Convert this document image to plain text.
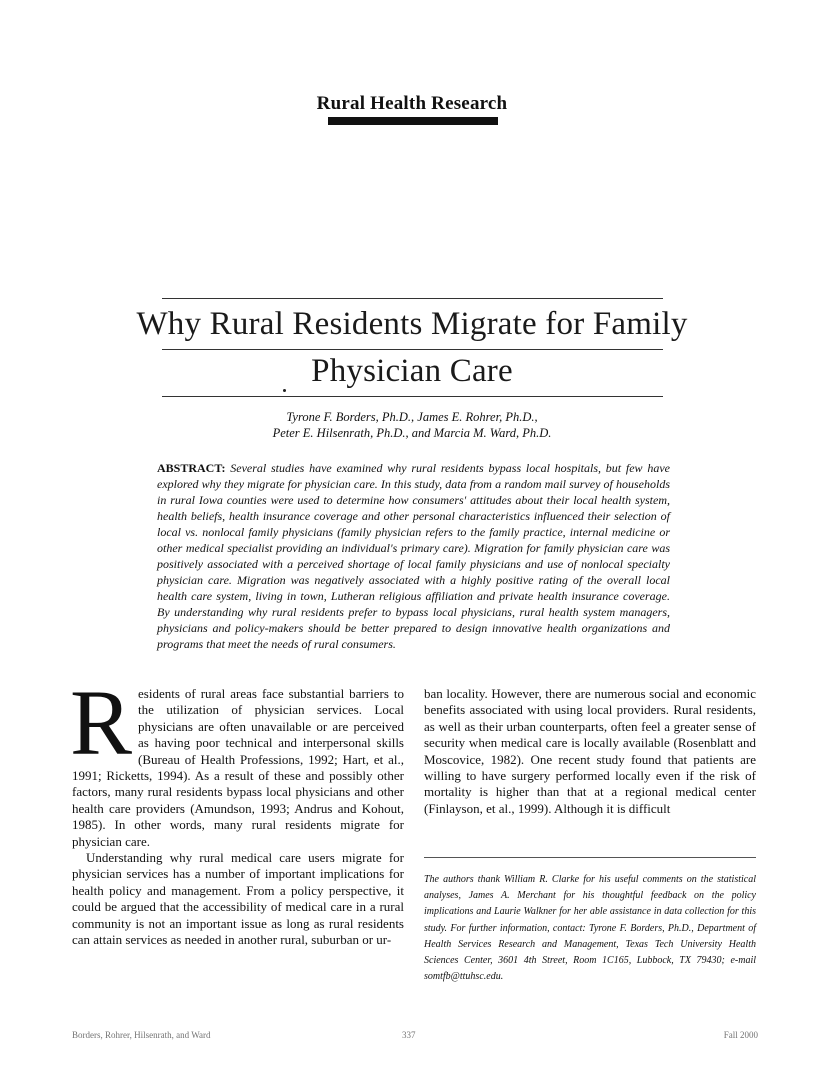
Rural Health Research
Why Rural Residents Migrate for Family
Physician Care
Tyrone F. Borders, Ph.D., James E. Rohrer, Ph.D.,
Peter E. Hilsenrath, Ph.D., and Marcia M. Ward, Ph.D.
ABSTRACT: Several studies have examined why rural residents bypass local hospitals, but few have explored why they migrate for physician care. In this study, data from a random mail survey of households in rural Iowa counties were used to determine how consumers' attitudes about their local health system, health beliefs, health insurance coverage and other personal characteristics influenced their selection of local vs. nonlocal family physicians (family physician refers to the family practice, internal medicine or other medical specialist providing an individual's primary care). Migration for family physician care was positively associated with a perceived shortage of local family physicians and use of nonlocal specialty physician care. Migration was negatively associated with a highly positive rating of the overall local health care system, living in town, Lutheran religious affiliation and private health insurance coverage. By understanding why rural residents prefer to bypass local physicians, rural health system managers, physicians and policy-makers should be better prepared to design innovative health organizations and programs that meet the needs of rural consumers.

Residents of rural areas face substantial barriers to the utilization of physician services. Local physicians are often unavailable or are perceived as having poor technical and interpersonal skills (Bureau of Health Professions, 1992; Hart, et al., 1991; Ricketts, 1994). As a result of these and possibly other factors, many rural residents bypass local physicians and other health care providers (Amundson, 1993; Andrus and Kohout, 1985). In other words, many rural residents migrate for physician care.

Understanding why rural medical care users migrate for physician services has a number of important implications for health policy and management. From a policy perspective, it could be argued that the accessibility of medical care in a rural community is not an important issue as long as rural residents can attain services as needed in another rural, suburban or ur-

ban locality. However, there are numerous social and economic benefits associated with using local providers. Rural residents, as well as their urban counterparts, often feel a greater sense of security when medical care is locally available (Rosenblatt and Moscovice, 1982). One recent study found that patients are willing to have surgery performed locally even if the risk of mortality is higher than that at a regional medical center (Finlayson, et al., 1999). Although it is difficult

The authors thank William R. Clarke for his useful comments on the statistical analyses, James A. Merchant for his thoughtful feedback on the policy implications and Laurie Walkner for her able assistance in data collection for this study. For further information, contact: Tyrone F. Borders, Ph.D., Department of Health Services Research and Management, Texas Tech University Health Sciences Center, 3601 4th Street, Room 1C165, Lubbock, TX 79430; e-mail somtfb@ttuhsc.edu.
Borders, Rohrer, Hilsenrath, and Ward	337	Fall 2000
